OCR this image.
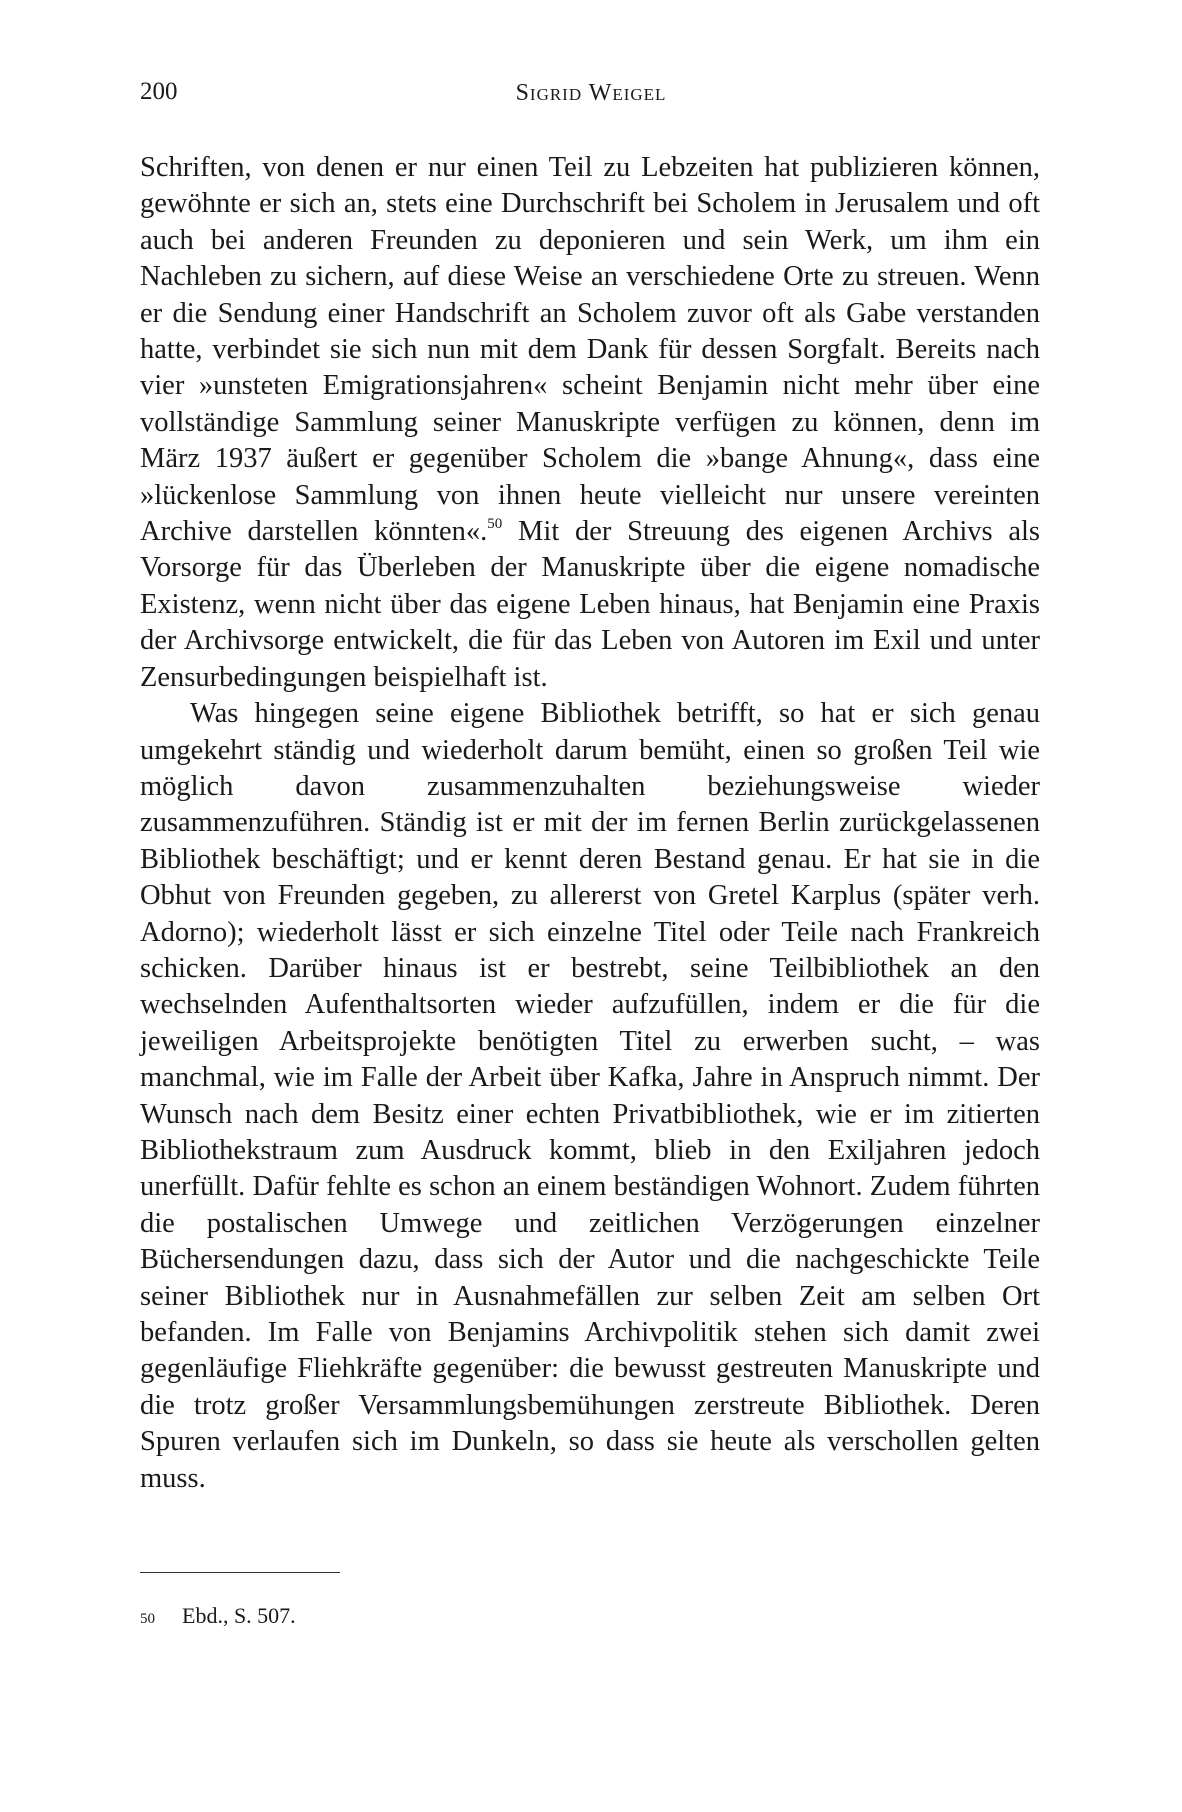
200	Sigrid Weigel

Schriften, von denen er nur einen Teil zu Lebzeiten hat publizieren können, gewöhnte er sich an, stets eine Durchschrift bei Scholem in Jerusalem und oft auch bei anderen Freunden zu deponieren und sein Werk, um ihm ein Nachleben zu sichern, auf diese Weise an verschiedene Orte zu streuen. Wenn er die Sendung einer Handschrift an Scholem zuvor oft als Gabe verstanden hatte, verbindet sie sich nun mit dem Dank für dessen Sorgfalt. Bereits nach vier »unsteten Emigrationsjahren« scheint Benjamin nicht mehr über eine vollständige Sammlung seiner Manuskripte verfügen zu können, denn im März 1937 äußert er gegenüber Scholem die »bange Ahnung«, dass eine »lückenlose Sammlung von ihnen heute vielleicht nur unsere vereinten Archive darstellen könnten«.$^{50}$ Mit der Streuung des eigenen Archivs als Vorsorge für das Überleben der Manuskripte über die eigene nomadische Existenz, wenn nicht über das eigene Leben hinaus, hat Benjamin eine Praxis der Archivsorge entwickelt, die für das Leben von Autoren im Exil und unter Zensurbedingungen beispielhaft ist.

Was hingegen seine eigene Bibliothek betrifft, so hat er sich genau umgekehrt ständig und wiederholt darum bemüht, einen so großen Teil wie möglich davon zusammenzuhalten beziehungsweise wieder zusammenzuführen. Ständig ist er mit der im fernen Berlin zurückgelassenen Bibliothek beschäftigt; und er kennt deren Bestand genau. Er hat sie in die Obhut von Freunden gegeben, zu allererst von Gretel Karplus (später verh. Adorno); wiederholt lässt er sich einzelne Titel oder Teile nach Frankreich schicken. Darüber hinaus ist er bestrebt, seine Teilbibliothek an den wechselnden Aufenthaltsorten wieder aufzufüllen, indem er die für die jeweiligen Arbeitsprojekte benötigten Titel zu erwerben sucht, – was manchmal, wie im Falle der Arbeit über Kafka, Jahre in Anspruch nimmt. Der Wunsch nach dem Besitz einer echten Privatbibliothek, wie er im zitierten Bibliothekstraum zum Ausdruck kommt, blieb in den Exiljahren jedoch unerfüllt. Dafür fehlte es schon an einem beständigen Wohnort. Zudem führten die postalischen Umwege und zeitlichen Verzögerungen einzelner Büchersendungen dazu, dass sich der Autor und die nachgeschickte Teile seiner Bibliothek nur in Ausnahmefällen zur selben Zeit am selben Ort befanden. Im Falle von Benjamins Archivpolitik stehen sich damit zwei gegenläufige Fliehkräfte gegenüber: die bewusst gestreuten Manuskripte und die trotz großer Versammlungsbemühungen zerstreute Bibliothek. Deren Spuren verlaufen sich im Dunkeln, so dass sie heute als verschollen gelten muss.

50 Ebd., S. 507.
